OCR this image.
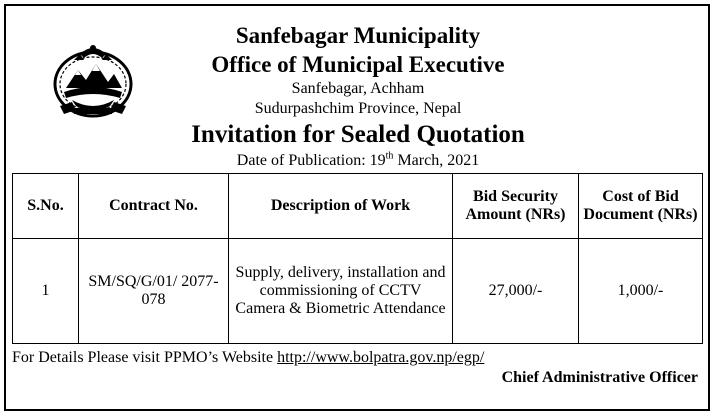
Sanfebagar Municipality
Office of Municipal Executive
Sanfebagar, Achham
Sudurpashchim Province, Nepal
Invitation for Sealed Quotation
Date of Publication: 19th March, 2021
S.No.	Contract No.	Description of Work	Bid Security Amount (NRs)	Cost of Bid Document (NRs)
1	SM/SQ/G/01/ 2077-078	Supply, delivery, installation and commissioning of CCTV Camera & Biometric Attendance	27,000/-	1,000/-
For Details Please visit PPMO’s Website http://www.bolpatra.gov.np/egp/
Chief Administrative Officer
